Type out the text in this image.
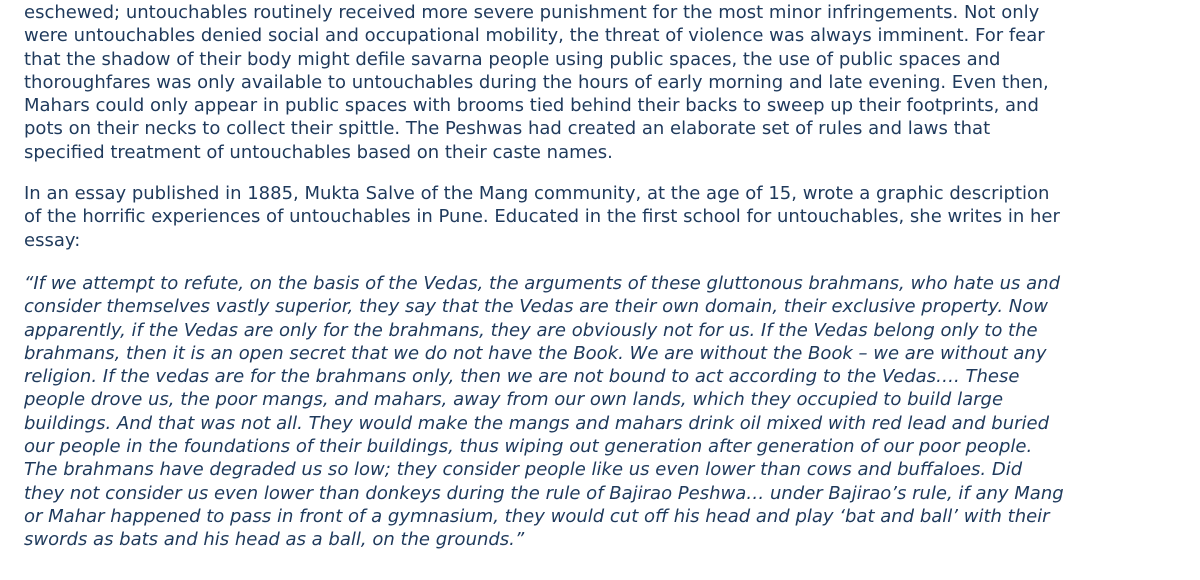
eschewed; untouchables routinely received more severe punishment for the most minor infringements. Not only
were untouchables denied social and occupational mobility, the threat of violence was always imminent. For fear
that the shadow of their body might defile savarna people using public spaces, the use of public spaces and
thoroughfares was only available to untouchables during the hours of early morning and late evening. Even then,
Mahars could only appear in public spaces with brooms tied behind their backs to sweep up their footprints, and
pots on their necks to collect their spittle. The Peshwas had created an elaborate set of rules and laws that
specified treatment of untouchables based on their caste names.

In an essay published in 1885, Mukta Salve of the Mang community, at the age of 15, wrote a graphic description
of the horrific experiences of untouchables in Pune. Educated in the first school for untouchables, she writes in her
essay:

“If we attempt to refute, on the basis of the Vedas, the arguments of these gluttonous brahmans, who hate us and
consider themselves vastly superior, they say that the Vedas are their own domain, their exclusive property. Now
apparently, if the Vedas are only for the brahmans, they are obviously not for us. If the Vedas belong only to the
brahmans, then it is an open secret that we do not have the Book. We are without the Book – we are without any
religion. If the vedas are for the brahmans only, then we are not bound to act according to the Vedas…. These
people drove us, the poor mangs, and mahars, away from our own lands, which they occupied to build large
buildings. And that was not all. They would make the mangs and mahars drink oil mixed with red lead and buried
our people in the foundations of their buildings, thus wiping out generation after generation of our poor people.
The brahmans have degraded us so low; they consider people like us even lower than cows and buffaloes. Did
they not consider us even lower than donkeys during the rule of Bajirao Peshwa… under Bajirao’s rule, if any Mang
or Mahar happened to pass in front of a gymnasium, they would cut off his head and play ‘bat and ball’ with their
swords as bats and his head as a ball, on the grounds.”
